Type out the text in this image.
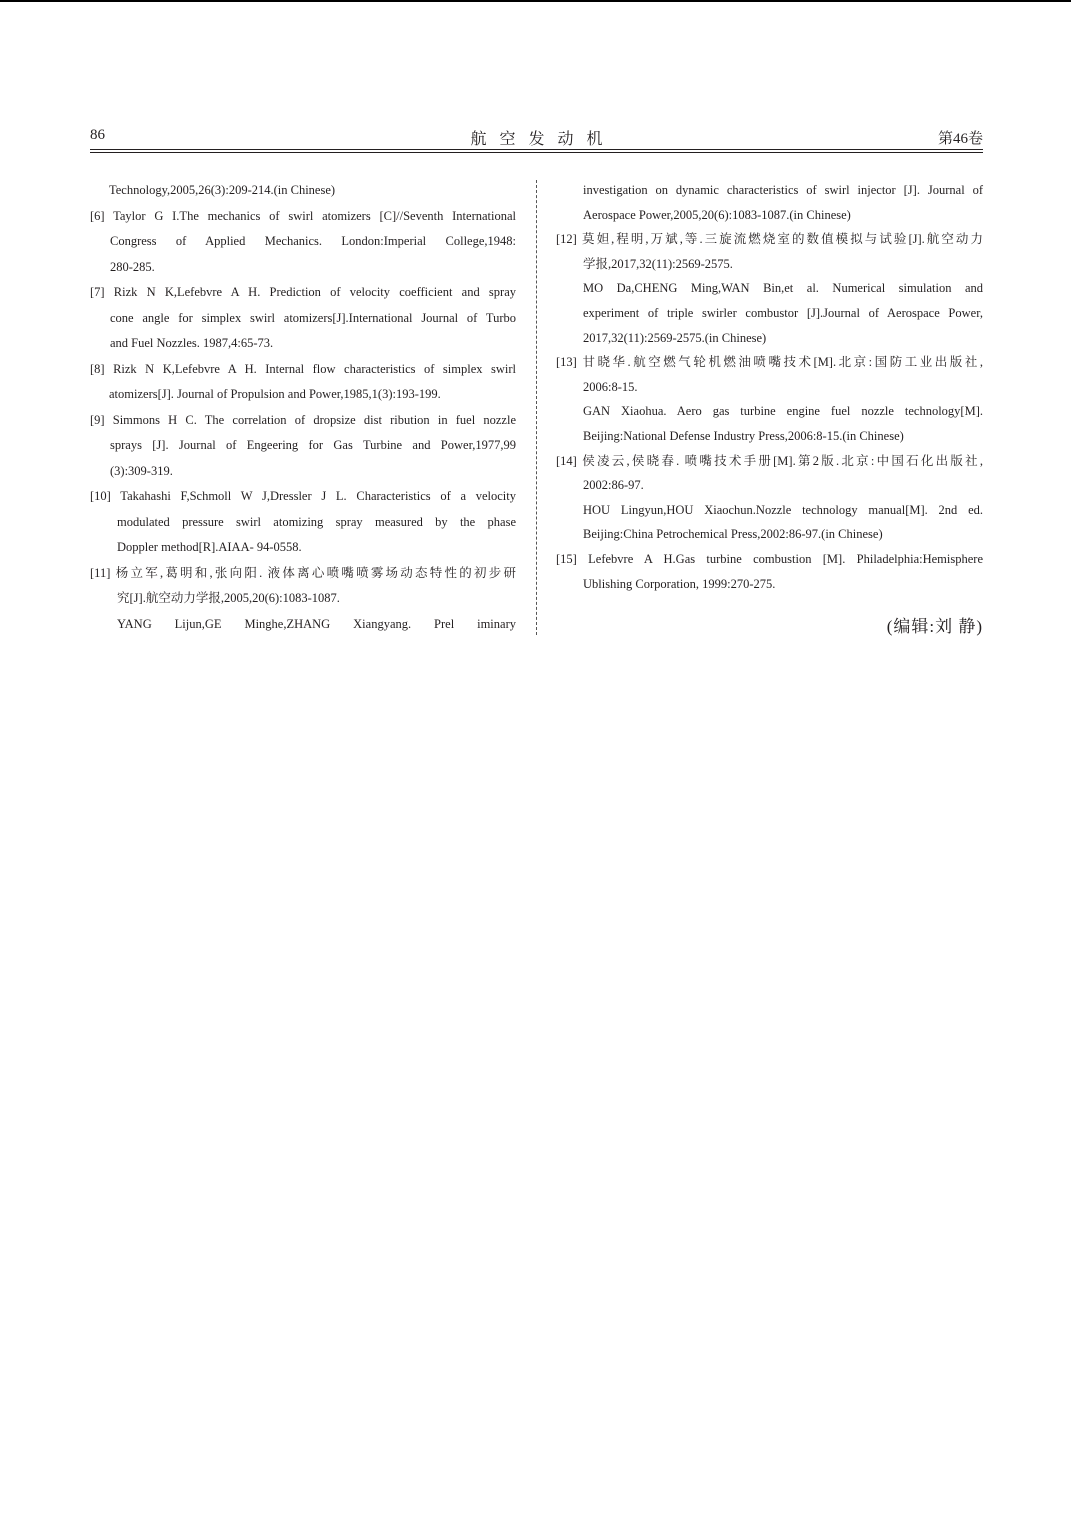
86	航空发动机	第46卷
Technology,2005,26(3):209-214.(in Chinese)
[6] Taylor G I.The mechanics of swirl atomizers [C]//Seventh International
Congress of Applied Mechanics. London:Imperial College,1948:
280-285.
[7] Rizk N K,Lefebvre A H. Prediction of velocity coefficient and spray
cone angle for simplex swirl atomizers[J].International Journal of Turbo
and Fuel Nozzles. 1987,4:65-73.
[8] Rizk N K,Lefebvre A H. Internal flow characteristics of simplex swirl
atomizers[J]. Journal of Propulsion and Power,1985,1(3):193-199.
[9] Simmons H C. The correlation of dropsize dist ribution in fuel nozzle
sprays [J]. Journal of Engeering for Gas Turbine and Power,1977,99
(3):309-319.
[10] Takahashi F,Schmoll W J,Dressler J L. Characteristics of a velocity
modulated pressure swirl atomizing spray measured by the phase
Doppler method[R].AIAA- 94-0558.
[11] 杨立军,葛明和,张向阳. 液体离心喷嘴喷雾场动态特性的初步研
究[J].航空动力学报,2005,20(6):1083-1087.
YANG Lijun,GE Minghe,ZHANG Xiangyang. Prel iminary
investigation on dynamic characteristics of swirl injector [J]. Journal of
Aerospace Power,2005,20(6):1083-1087.(in Chinese)
[12] 莫妲,程明,万斌,等.三旋流燃烧室的数值模拟与试验[J].航空动力
学报,2017,32(11):2569-2575.
MO Da,CHENG Ming,WAN Bin,et al. Numerical simulation and
experiment of triple swirler combustor [J].Journal of Aerospace Power,
2017,32(11):2569-2575.(in Chinese)
[13] 甘晓华.航空燃气轮机燃油喷嘴技术[M].北京:国防工业出版社,
2006:8-15.
GAN Xiaohua. Aero gas turbine engine fuel nozzle technology[M].
Beijing:National Defense Industry Press,2006:8-15.(in Chinese)
[14] 侯凌云,侯晓春. 喷嘴技术手册[M].第2版.北京:中国石化出版社,
2002:86-97.
HOU Lingyun,HOU Xiaochun.Nozzle technology manual[M]. 2nd ed.
Beijing:China Petrochemical Press,2002:86-97.(in Chinese)
[15] Lefebvre A H.Gas turbine combustion [M]. Philadelphia:Hemisphere
Ublishing Corporation, 1999:270-275.
(编辑:刘 静)
